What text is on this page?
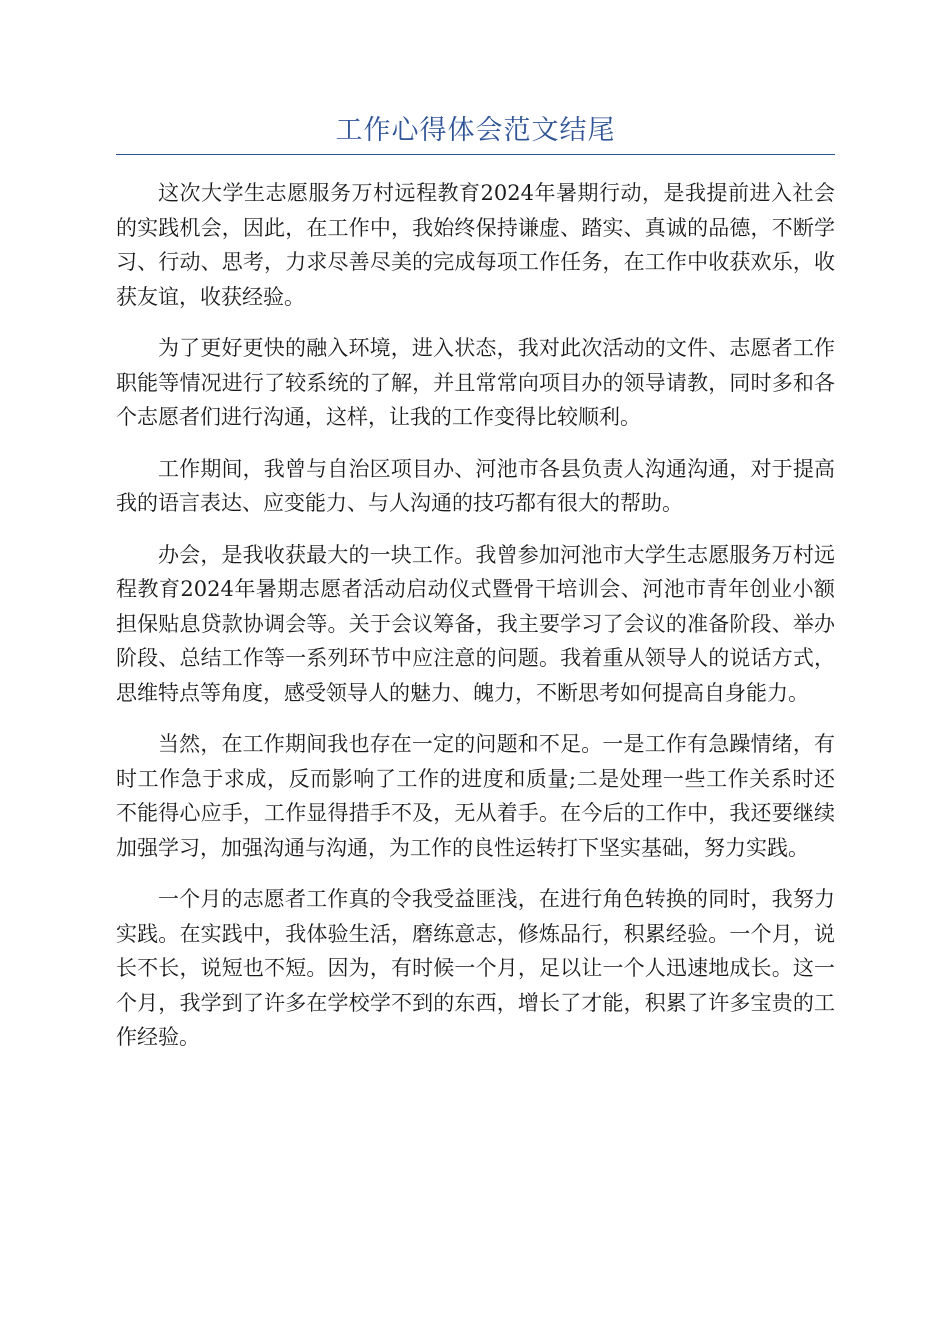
工作心得体会范文结尾

这次大学生志愿服务万村远程教育2024年暑期行动，是我提前进入社会的实践机会，因此，在工作中，我始终保持谦虚、踏实、真诚的品德，不断学习、行动、思考，力求尽善尽美的完成每项工作任务，在工作中收获欢乐，收获友谊，收获经验。

为了更好更快的融入环境，进入状态，我对此次活动的文件、志愿者工作职能等情况进行了较系统的了解，并且常常向项目办的领导请教，同时多和各个志愿者们进行沟通，这样，让我的工作变得比较顺利。

工作期间，我曾与自治区项目办、河池市各县负责人沟通沟通，对于提高我的语言表达、应变能力、与人沟通的技巧都有很大的帮助。

办会，是我收获最大的一块工作。我曾参加河池市大学生志愿服务万村远程教育2024年暑期志愿者活动启动仪式暨骨干培训会、河池市青年创业小额担保贴息贷款协调会等。关于会议筹备，我主要学习了会议的准备阶段、举办阶段、总结工作等一系列环节中应注意的问题。我着重从领导人的说话方式，思维特点等角度，感受领导人的魅力、魄力，不断思考如何提高自身能力。

当然，在工作期间我也存在一定的问题和不足。一是工作有急躁情绪，有时工作急于求成，反而影响了工作的进度和质量;二是处理一些工作关系时还不能得心应手，工作显得措手不及，无从着手。在今后的工作中，我还要继续加强学习，加强沟通与沟通，为工作的良性运转打下坚实基础，努力实践。

一个月的志愿者工作真的令我受益匪浅，在进行角色转换的同时，我努力实践。在实践中，我体验生活，磨练意志，修炼品行，积累经验。一个月，说长不长，说短也不短。因为，有时候一个月，足以让一个人迅速地成长。这一个月，我学到了许多在学校学不到的东西，增长了才能，积累了许多宝贵的工作经验。
